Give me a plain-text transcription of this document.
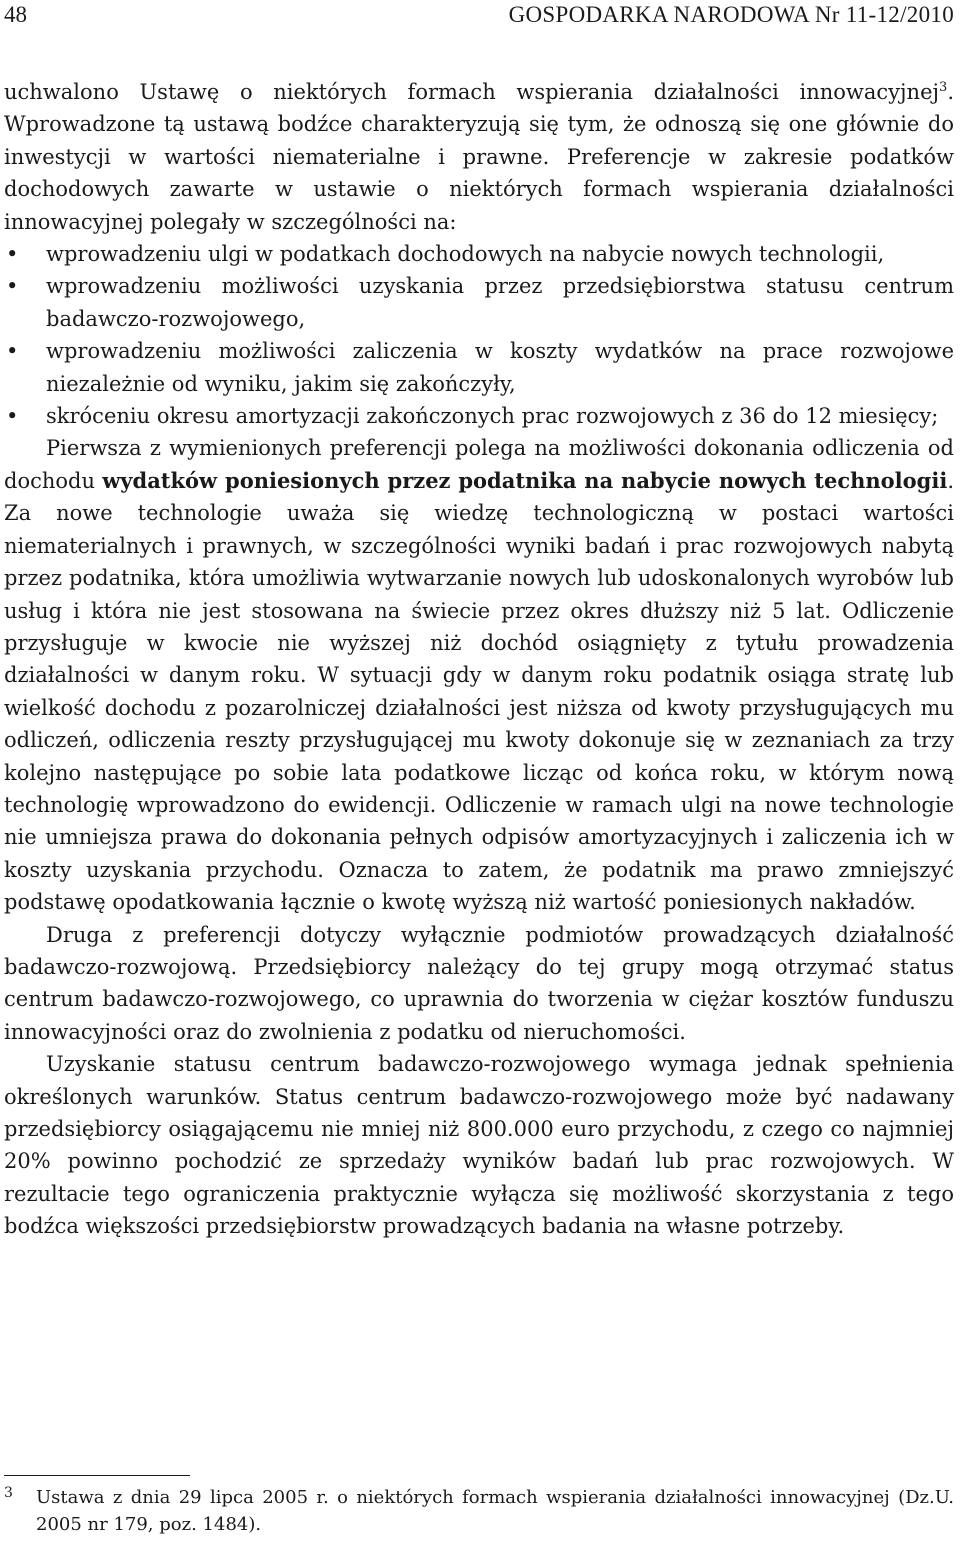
48	GOSPODARKA NARODOWA Nr 11-12/2010

uchwalono Ustawę o niektórych formach wspierania działalności innowacyjnej$^3$. Wprowadzone tą ustawą bodźce charakteryzują się tym, że odnoszą się one głównie do inwestycji w wartości niematerialne i prawne. Preferencje w zakresie podatków dochodowych zawarte w ustawie o niektórych formach wspierania działalności innowacyjnej polegały w szczególności na:

• wprowadzeniu ulgi w podatkach dochodowych na nabycie nowych technologii,
• wprowadzeniu możliwości uzyskania przez przedsiębiorstwa statusu centrum badawczo-rozwojowego,
• wprowadzeniu możliwości zaliczenia w koszty wydatków na prace rozwojowe niezależnie od wyniku, jakim się zakończyły,
• skróceniu okresu amortyzacji zakończonych prac rozwojowych z 36 do 12 miesięcy;

Pierwsza z wymienionych preferencji polega na możliwości dokonania odliczenia od dochodu wydatków poniesionych przez podatnika na nabycie nowych technologii. Za nowe technologie uważa się wiedzę technologiczną w postaci wartości niematerialnych i prawnych, w szczególności wyniki badań i prac rozwojowych nabytą przez podatnika, która umożliwia wytwarzanie nowych lub udoskonalonych wyrobów lub usług i która nie jest stosowana na świecie przez okres dłuższy niż 5 lat. Odliczenie przysługuje w kwocie nie wyższej niż dochód osiągnięty z tytułu prowadzenia działalności w danym roku. W sytuacji gdy w danym roku podatnik osiąga stratę lub wielkość dochodu z pozarolniczej działalności jest niższa od kwoty przysługujących mu odliczeń, odliczenia reszty przysługującej mu kwoty dokonuje się w zeznaniach za trzy kolejno następujące po sobie lata podatkowe licząc od końca roku, w którym nową technologię wprowadzono do ewidencji. Odliczenie w ramach ulgi na nowe technologie nie umniejsza prawa do dokonania pełnych odpisów amortyzacyjnych i zaliczenia ich w koszty uzyskania przychodu. Oznacza to zatem, że podatnik ma prawo zmniejszyć podstawę opodatkowania łącznie o kwotę wyższą niż wartość poniesionych nakładów.

Druga z preferencji dotyczy wyłącznie podmiotów prowadzących działalność badawczo-rozwojową. Przedsiębiorcy należący do tej grupy mogą otrzymać status centrum badawczo-rozwojowego, co uprawnia do tworzenia w ciężar kosztów funduszu innowacyjności oraz do zwolnienia z podatku od nieruchomości.

Uzyskanie statusu centrum badawczo-rozwojowego wymaga jednak spełnienia określonych warunków. Status centrum badawczo-rozwojowego może być nadawany przedsiębiorcy osiągającemu nie mniej niż 800.000 euro przychodu, z czego co najmniej 20% powinno pochodzić ze sprzedaży wyników badań lub prac rozwojowych. W rezultacie tego ograniczenia praktycznie wyłącza się możliwość skorzystania z tego bodźca większości przedsiębiorstw prowadzących badania na własne potrzeby.

3 Ustawa z dnia 29 lipca 2005 r. o niektórych formach wspierania działalności innowacyjnej (Dz.U. 2005 nr 179, poz. 1484).
